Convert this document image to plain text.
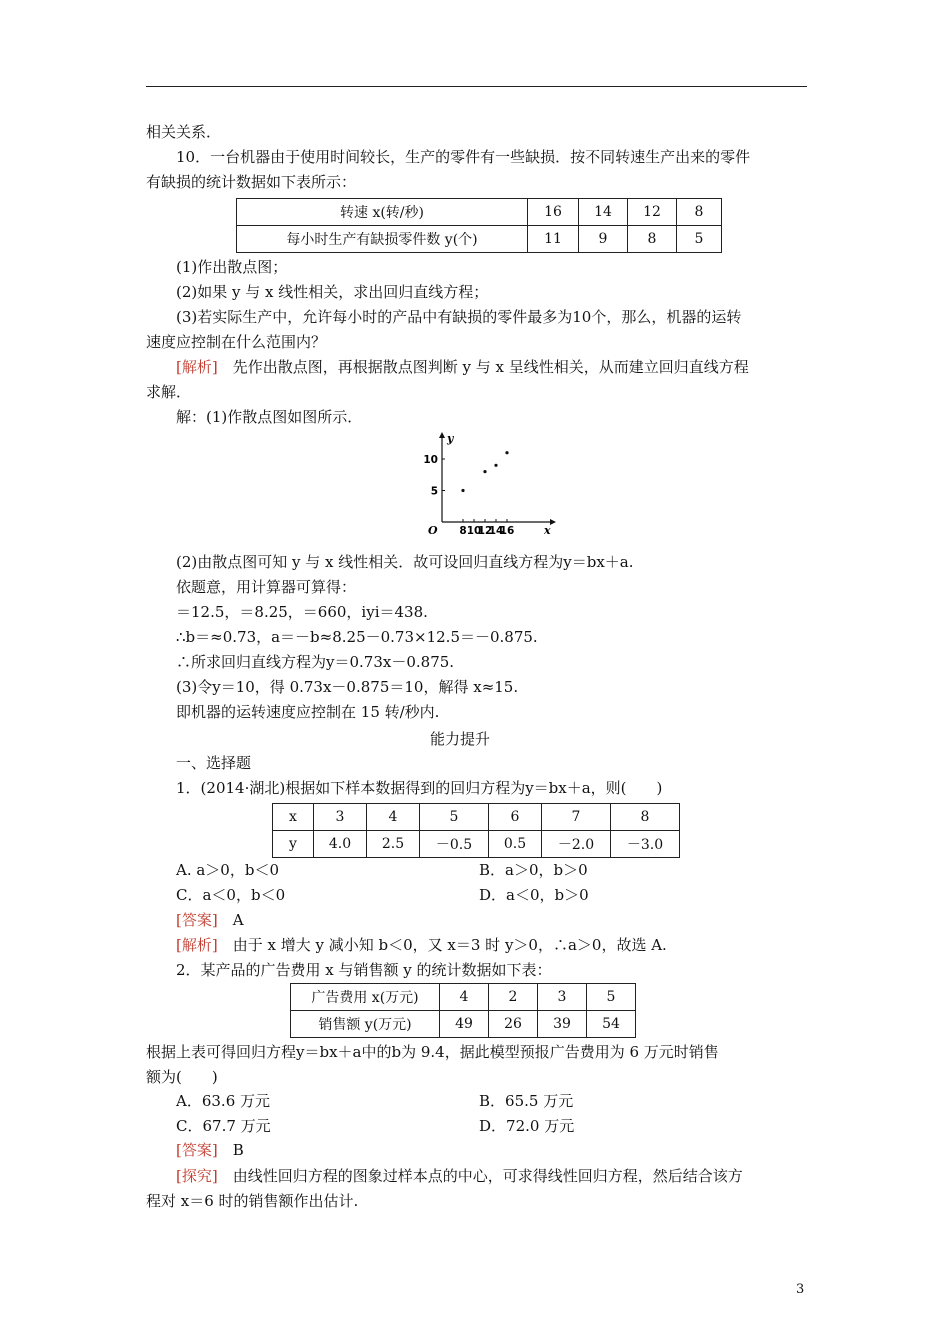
相关关系．
10．一台机器由于使用时间较长，生产的零件有一些缺损．按不同转速生产出来的零件
有缺损的统计数据如下表所示：
转速 x(转/秒)	16	14	12	8
每小时生产有缺损零件数 y(个)	11	9	8	5
(1)作出散点图；
(2)如果 y 与 x 线性相关，求出回归直线方程；
(3)若实际生产中，允许每小时的产品中有缺损的零件最多为10个，那么，机器的运转
速度应控制在什么范围内？
[解析]　先作出散点图，再根据散点图判断 y 与 x 呈线性相关，从而建立回归直线方程
求解．
解：(1)作散点图如图所示．
x
y
O 8 10
12
14
16
5
10
(2)由散点图可知 y 与 x 线性相关．故可设回归直线方程为y＝bx＋a.
依题意，用计算器可算得：
＝12.5，＝8.25，＝660，iyi＝438.
∴b＝≈0.73，a＝－b≈8.25－0.73×12.5＝－0.875.
∴所求回归直线方程为y＝0.73x－0.875.
(3)令y＝10，得 0.73x－0.875＝10，解得 x≈15.
即机器的运转速度应控制在 15 转/秒内.
能力提升
一、选择题
1．(2014·湖北)根据如下样本数据得到的回归方程为y＝bx＋a，则(　　)
x	3	4	5	6	7	8
y	4.0	2.5	－0.5	0.5	－2.0	－3.0
A. a＞0，b＜0	B．a＞0，b＞0
C．a＜0，b＜0	D．a＜0，b＞0
[答案]　A
[解析]　由于 x 增大 y 减小知 b＜0，又 x＝3 时 y＞0，∴a＞0，故选 A.
2．某产品的广告费用 x 与销售额 y 的统计数据如下表：
广告费用 x(万元)	4	2	3	5
销售额 y(万元)	49	26	39	54
根据上表可得回归方程y＝bx＋a中的b为 9.4，据此模型预报广告费用为 6 万元时销售
额为(　　)
A．63.6 万元	B．65.5 万元
C．67.7 万元	D．72.0 万元
[答案]　B
[探究]　由线性回归方程的图象过样本点的中心，可求得线性回归方程，然后结合该方
程对 x＝6 时的销售额作出估计.
3
